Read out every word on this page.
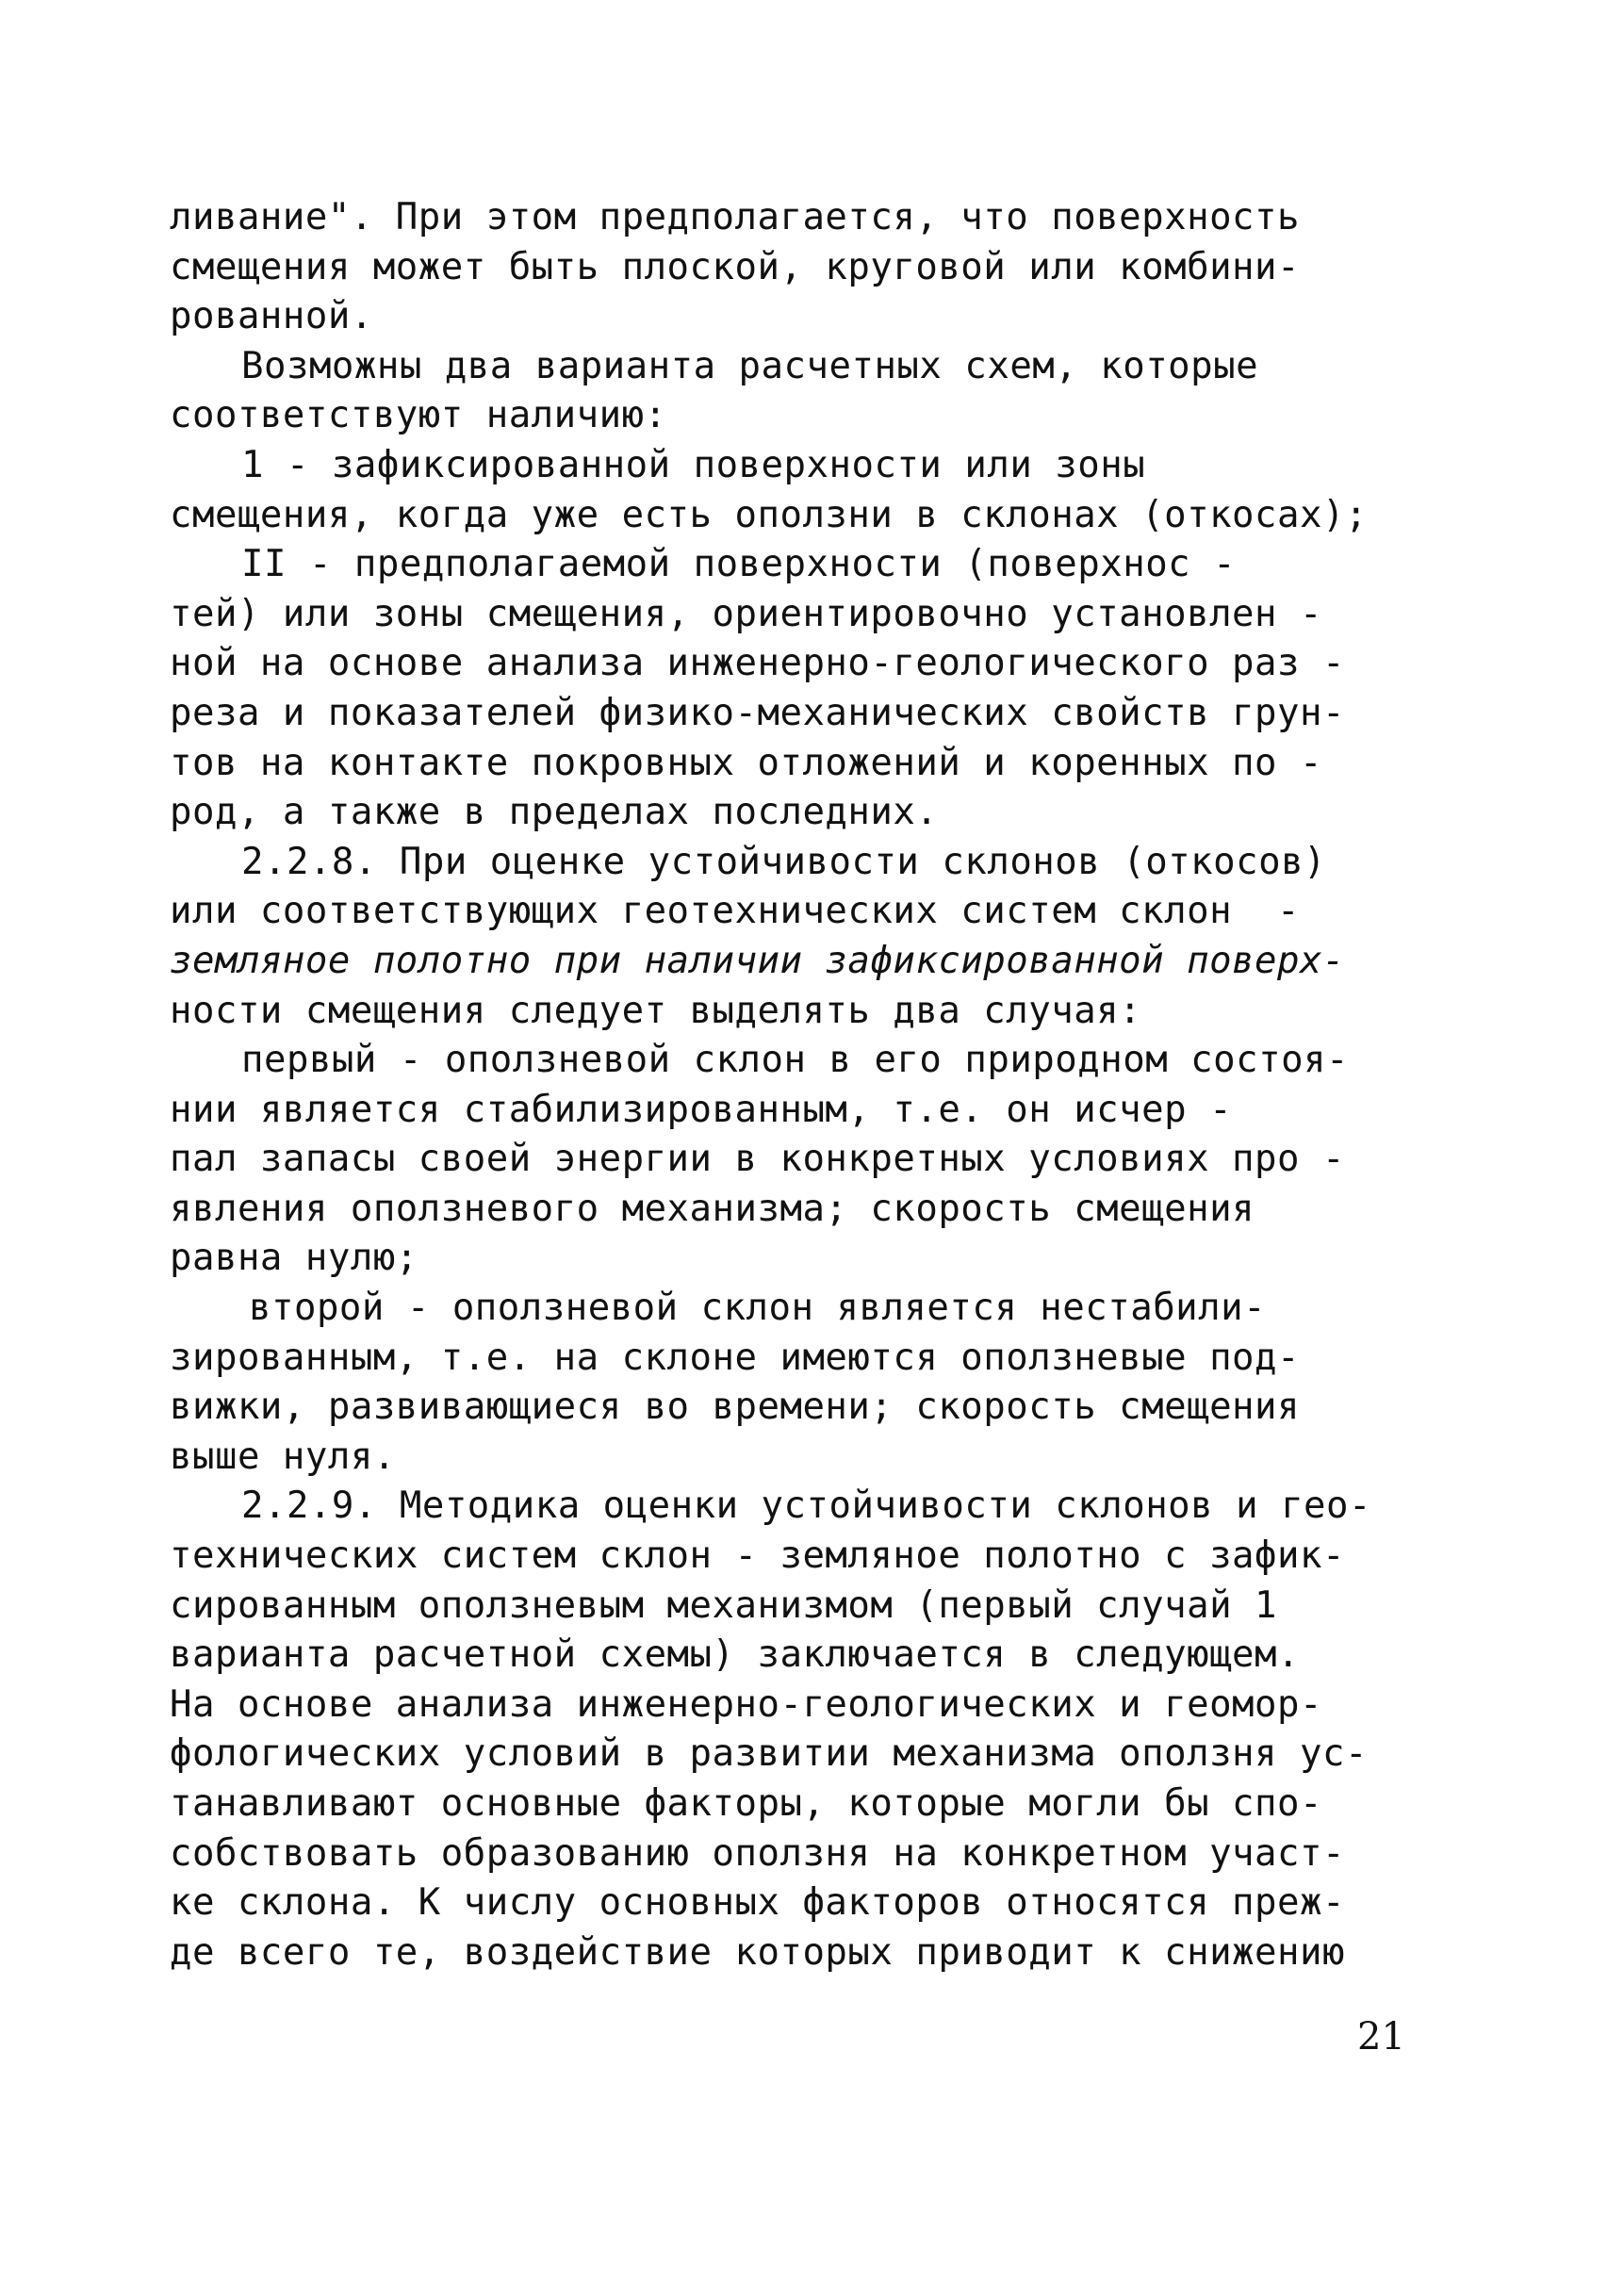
ливание". При этом предполагается, что поверхность
смещения может быть плоской, круговой или комбини-
рованной.

Возможны два варианта расчетных схем, которые
соответствуют наличию:

1 - зафиксированной поверхности или зоны
смещения, когда уже есть оползни в склонах (откосах);

II - предполагаемой поверхности (поверхнос -
тей) или зоны смещения, ориентировочно установлен -
ной на основе анализа инженерно-геологического раз -
реза и показателей физико-механических свойств грун-
тов на контакте покровных отложений и коренных по -
род, а также в пределах последних.

2.2.8. При оценке устойчивости склонов (откосов)
или соответствующих геотехнических систем склон  -
земляное полотно при наличии зафиксированной поверх-
ности смещения следует выделять два случая:

первый - оползневой склон в его природном состоя-
нии является стабилизированным, т.е. он исчер -
пал запасы своей энергии в конкретных условиях про -
явления оползневого механизма; скорость смещения
равна нулю;

второй - оползневой склон является нестабили-
зированным, т.е. на склоне имеются оползневые под-
вижки, развивающиеся во времени; скорость смещения
выше нуля.

2.2.9. Методика оценки устойчивости склонов и гео-
технических систем склон - земляное полотно с зафик-
сированным оползневым механизмом (первый случай 1
варианта расчетной схемы) заключается в следующем.
На основе анализа инженерно-геологических и геомор-
фологических условий в развитии механизма оползня ус-
танавливают основные факторы, которые могли бы спо-
собствовать образованию оползня на конкретном участ-
ке склона. К числу основных факторов относятся преж-
де всего те, воздействие которых приводит к снижению

21
